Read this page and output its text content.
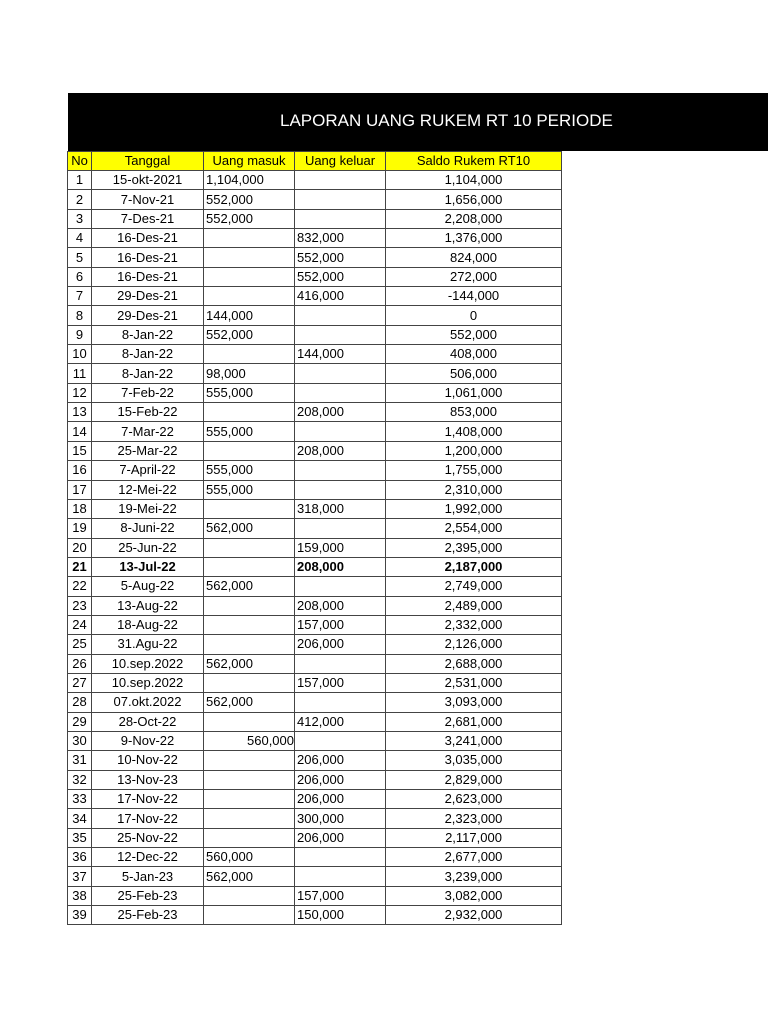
LAPORAN UANG RUKEM RT 10 PERIODE
No	Tanggal	Uang masuk	Uang keluar	Saldo Rukem RT10
1	15-okt-2021	1,104,000		1,104,000
2	7-Nov-21	552,000		1,656,000
3	7-Des-21	552,000		2,208,000
4	16-Des-21		832,000	1,376,000
5	16-Des-21		552,000	824,000
6	16-Des-21		552,000	272,000
7	29-Des-21		416,000	-144,000
8	29-Des-21	144,000		0
9	8-Jan-22	552,000		552,000
10	8-Jan-22		144,000	408,000
11	8-Jan-22	98,000		506,000
12	7-Feb-22	555,000		1,061,000
13	15-Feb-22		208,000	853,000
14	7-Mar-22	555,000		1,408,000
15	25-Mar-22		208,000	1,200,000
16	7-April-22	555,000		1,755,000
17	12-Mei-22	555,000		2,310,000
18	19-Mei-22		318,000	1,992,000
19	8-Juni-22	562,000		2,554,000
20	25-Jun-22		159,000	2,395,000
21	13-Jul-22		208,000	2,187,000
22	5-Aug-22	562,000		2,749,000
23	13-Aug-22		208,000	2,489,000
24	18-Aug-22		157,000	2,332,000
25	31.Agu-22		206,000	2,126,000
26	10.sep.2022	562,000		2,688,000
27	10.sep.2022		157,000	2,531,000
28	07.okt.2022	562,000		3,093,000
29	28-Oct-22		412,000	2,681,000
30	9-Nov-22	560,000		3,241,000
31	10-Nov-22		206,000	3,035,000
32	13-Nov-23		206,000	2,829,000
33	17-Nov-22		206,000	2,623,000
34	17-Nov-22		300,000	2,323,000
35	25-Nov-22		206,000	2,117,000
36	12-Dec-22	560,000		2,677,000
37	5-Jan-23	562,000		3,239,000
38	25-Feb-23		157,000	3,082,000
39	25-Feb-23		150,000	2,932,000
